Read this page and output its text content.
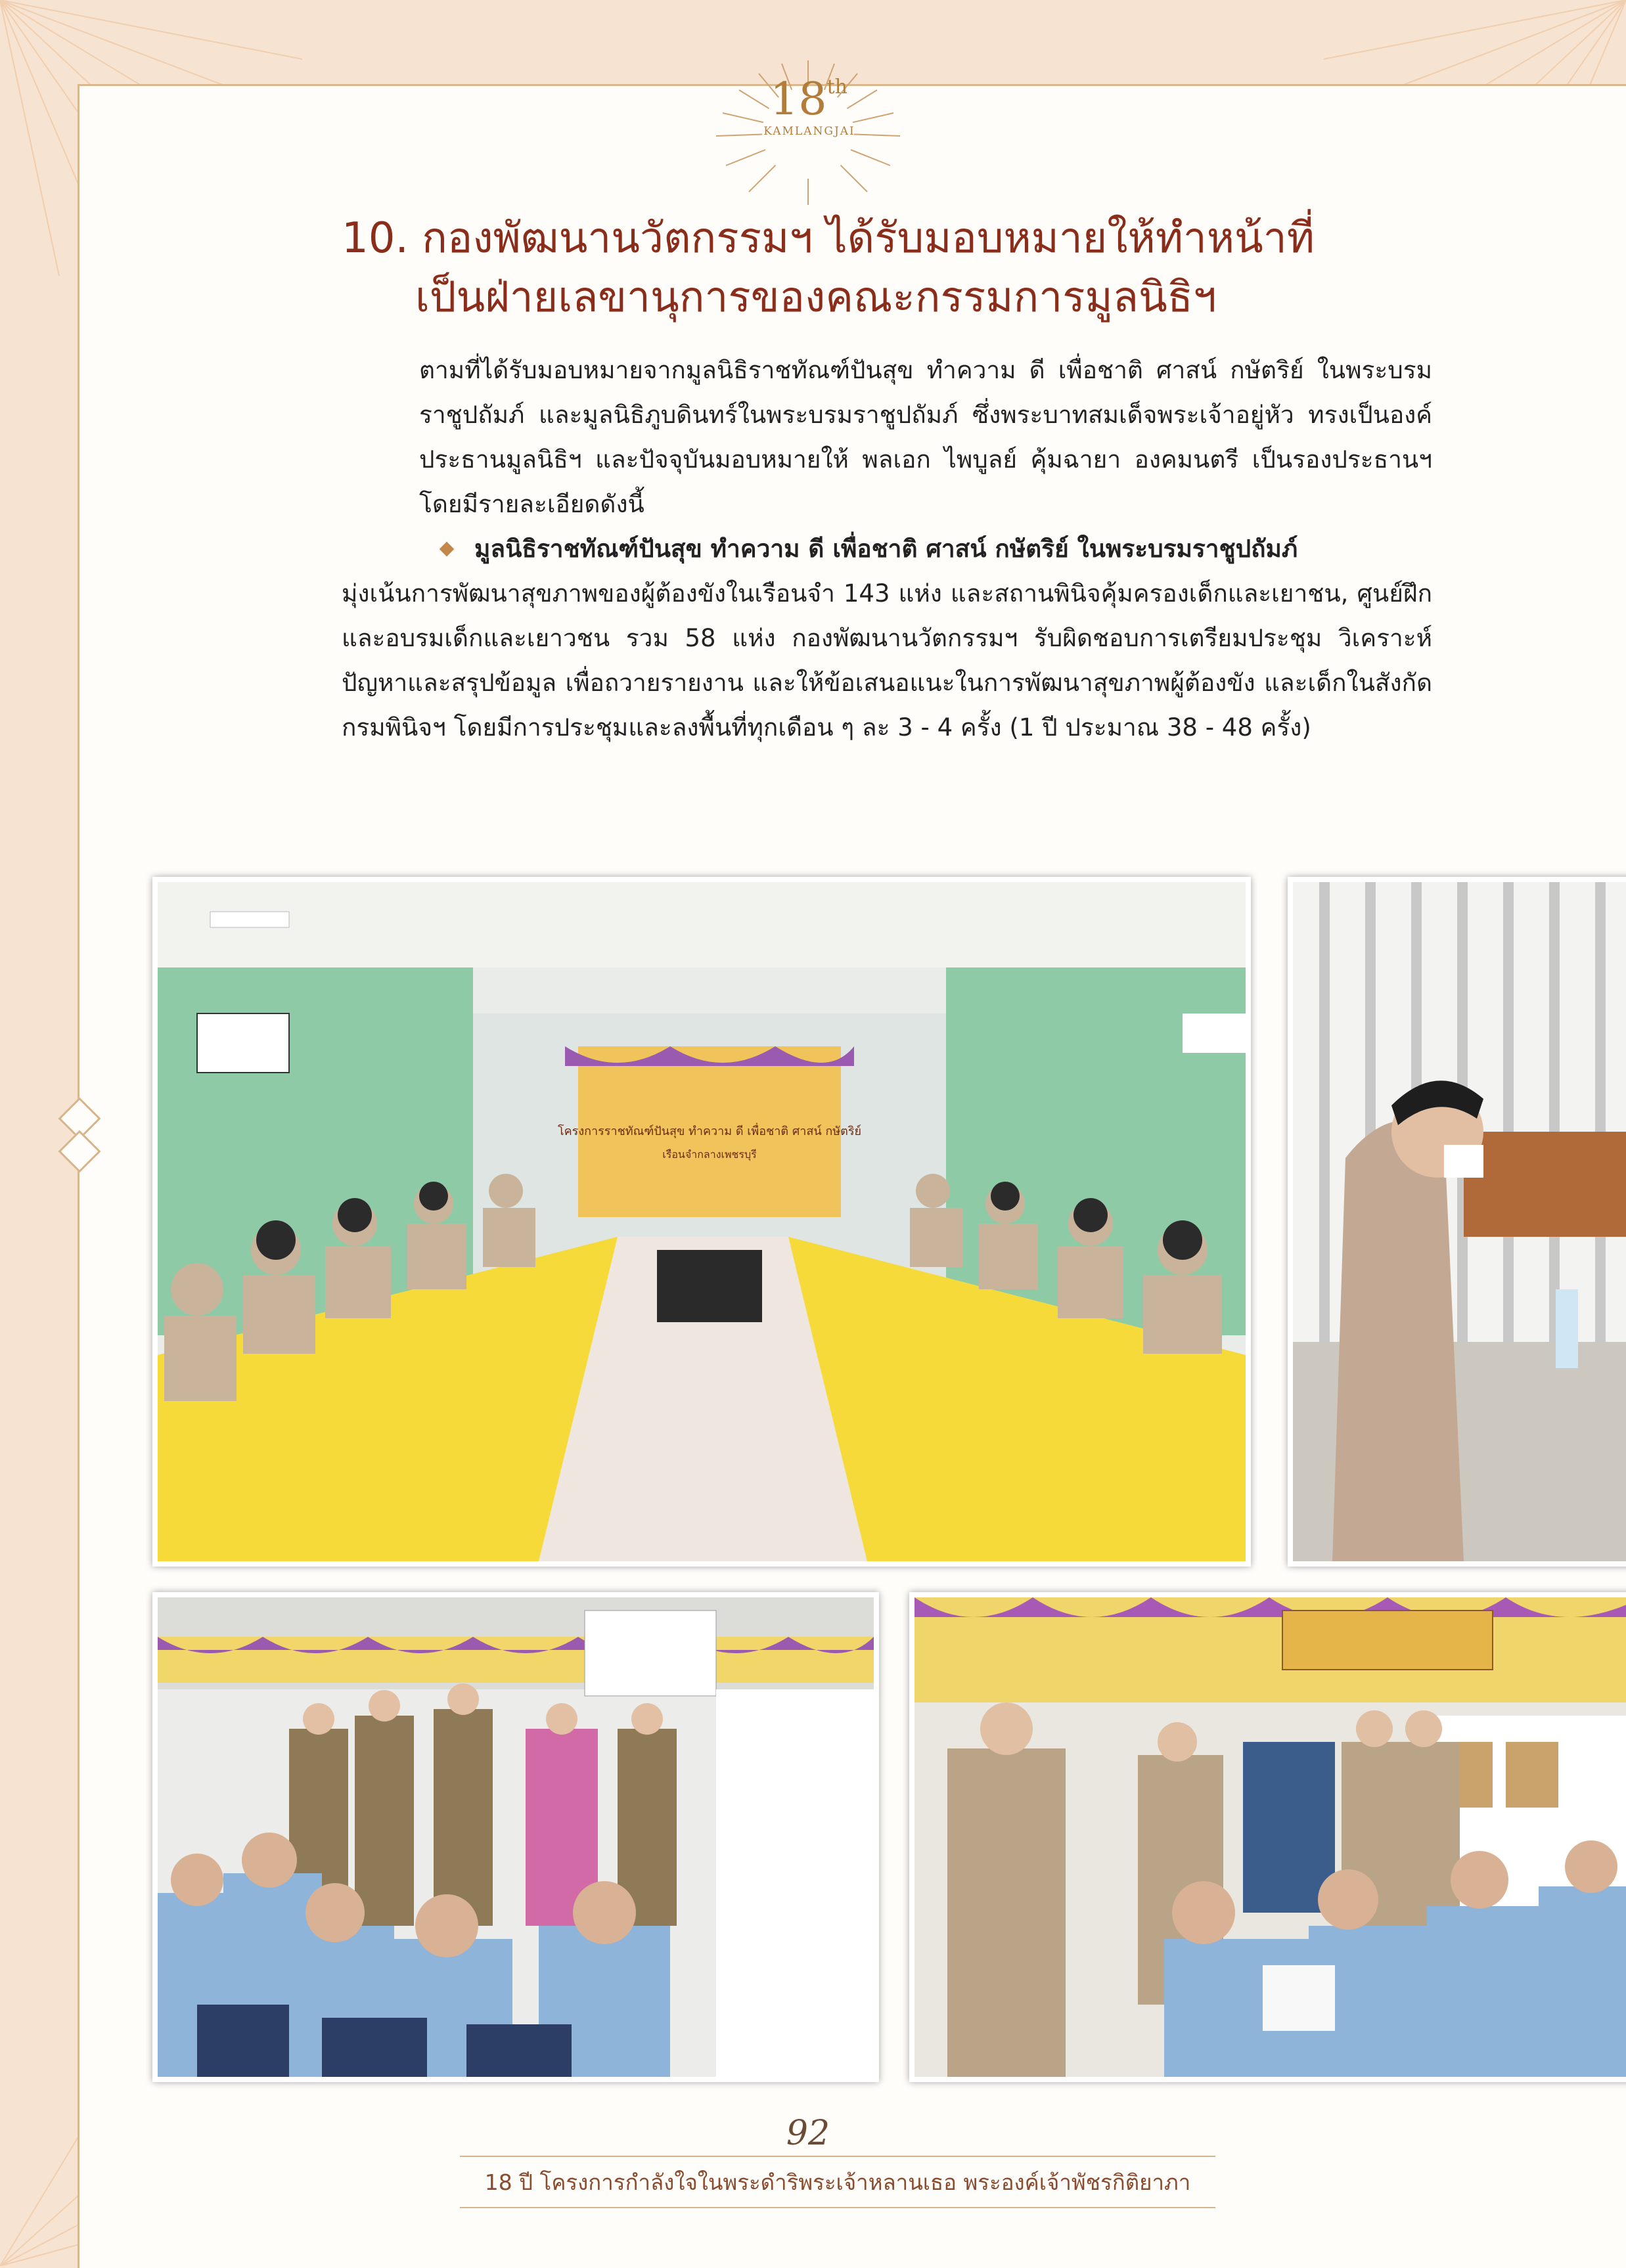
18th
KAMLANGJAI
10. กองพัฒนานวัตกรรมฯ ได้รับมอบหมายให้ทำหน้าที่
เป็นฝ่ายเลขานุการของคณะกรรมการมูลนิธิฯ
ตามที่ได้รับมอบหมายจากมูลนิธิราชทัณฑ์ปันสุข ทำความ ดี เพื่อชาติ ศาสน์ กษัตริย์ ในพระบรมราชูปถัมภ์ และมูลนิธิภูบดินทร์ในพระบรมราชูปถัมภ์ ซึ่งพระบาทสมเด็จพระเจ้าอยู่หัว ทรงเป็นองค์ประธานมูลนิธิฯ และปัจจุบันมอบหมายให้ พลเอก ไพบูลย์ คุ้มฉายา องคมนตรี เป็นรองประธานฯ โดยมีรายละเอียดดังนี้
มูลนิธิราชทัณฑ์ปันสุข ทำความ ดี เพื่อชาติ ศาสน์ กษัตริย์ ในพระบรมราชูปถัมภ์
มุ่งเน้นการพัฒนาสุขภาพของผู้ต้องขังในเรือนจำ 143 แห่ง และสถานพินิจคุ้มครองเด็กและเยาชน, ศูนย์ฝึกและอบรมเด็กและเยาวชน รวม 58 แห่ง กองพัฒนานวัตกรรมฯ รับผิดชอบการเตรียมประชุม วิเคราะห์ปัญหาและสรุปข้อมูล เพื่อถวายรายงาน และให้ข้อเสนอแนะในการพัฒนาสุขภาพผู้ต้องขัง และเด็กในสังกัดกรมพินิจฯ โดยมีการประชุมและลงพื้นที่ทุกเดือน ๆ ละ 3 - 4 ครั้ง (1 ปี ประมาณ 38 - 48 ครั้ง)
โครงการราชทัณฑ์ปันสุข ทำความ ดี เพื่อชาติ ศาสน์ กษัตริย์
เรือนจำกลางเพชรบุรี
92
18 ปี โครงการกำลังใจในพระดำริพระเจ้าหลานเธอ พระองค์เจ้าพัชรกิติยาภา
